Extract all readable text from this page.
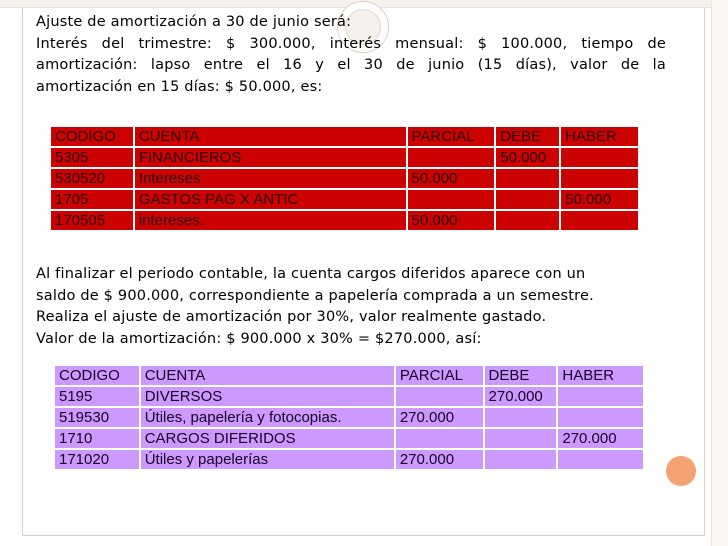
Ajuste de amortización a 30 de junio será:

Interés del trimestre: $ 300.000, interés mensual: $ 100.000, tiempo de

amortización: lapso entre el 16 y el 30 de junio (15 días), valor de la

amortización en 15 días: $ 50.000, es:

CODIGO	CUENTA	PARCIAL	DEBE	HABER
5305	FINANCIEROS		50.000	
530520	Intereses	50.000		
1705	GASTOS PAG X ANTIC			50.000
170505	intereses.	50.000		

Al finalizar el periodo contable, la cuenta cargos diferidos aparece con un

saldo de $ 900.000, correspondiente a papelería comprada a un semestre.

Realiza el ajuste de amortización por 30%, valor realmente gastado.

Valor de la amortización: $ 900.000 x 30% = $270.000, así:

CODIGO	CUENTA	PARCIAL	DEBE	HABER
5195	DIVERSOS		270.000	
519530	Útiles, papelería y fotocopias.	270.000		
1710	CARGOS DIFERIDOS			270.000
171020	Útiles y papelerías	270.000		
